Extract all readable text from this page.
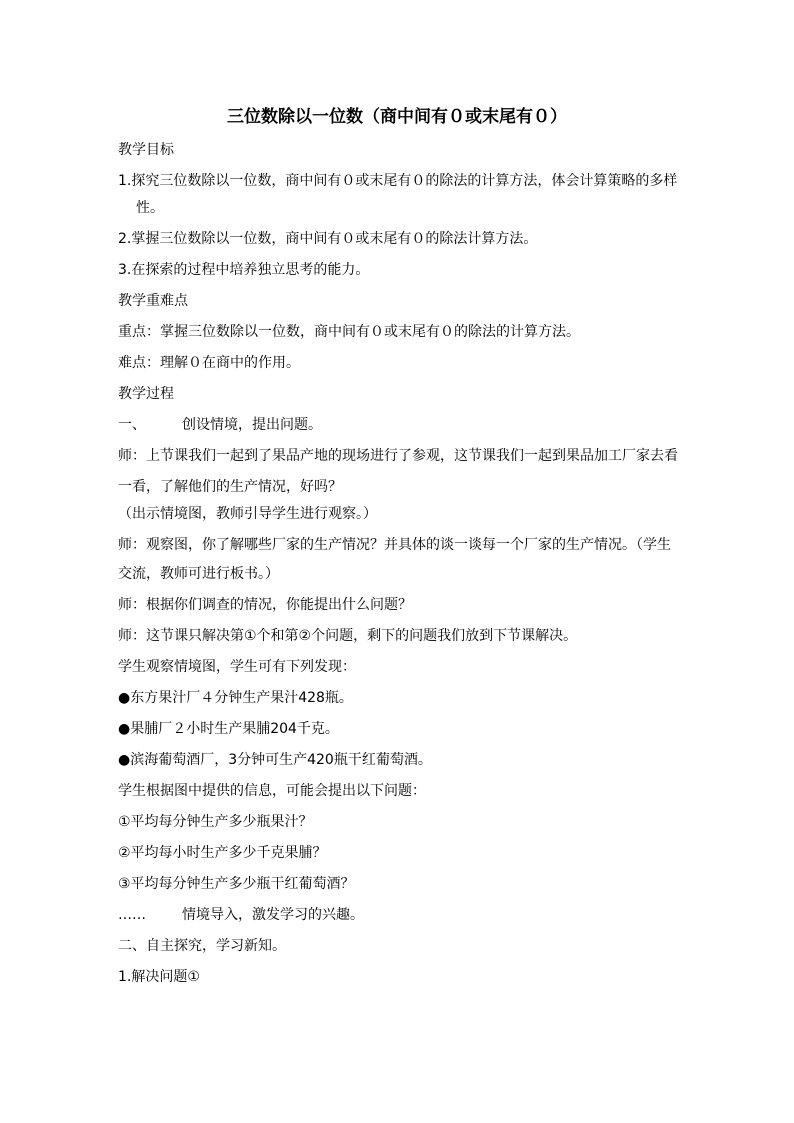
三位数除以一位数（商中间有０或末尾有０）
教学目标
1.探究三位数除以一位数，商中间有０或末尾有０的除法的计算方法，体会计算策略的多样
性。
2.掌握三位数除以一位数，商中间有０或末尾有０的除法计算方法。
3.在探索的过程中培养独立思考的能力。
教学重难点
重点：掌握三位数除以一位数，商中间有０或末尾有０的除法的计算方法。
难点：理解０在商中的作用。
教学过程
一、	创设情境，提出问题。
师：上节课我们一起到了果品产地的现场进行了参观，这节课我们一起到果品加工厂家去看
一看，了解他们的生产情况，好吗？
（出示情境图，教师引导学生进行观察。）
师：观察图，你了解哪些厂家的生产情况？并具体的谈一谈每一个厂家的生产情况。（学生
交流，教师可进行板书。）
师：根据你们调查的情况，你能提出什么问题？
师：这节课只解决第①个和第②个问题，剩下的问题我们放到下节课解决。
学生观察情境图，学生可有下列发现：
●东方果汁厂４分钟生产果汁428瓶。
●果脯厂２小时生产果脯204千克。
●滨海葡萄酒厂，3分钟可生产420瓶干红葡萄酒。
学生根据图中提供的信息，可能会提出以下问题：
①平均每分钟生产多少瓶果汁？
②平均每小时生产多少千克果脯？
③平均每分钟生产多少瓶干红葡萄酒？
……	情境导入，激发学习的兴趣。
二、自主探究，学习新知。
1.解决问题①
